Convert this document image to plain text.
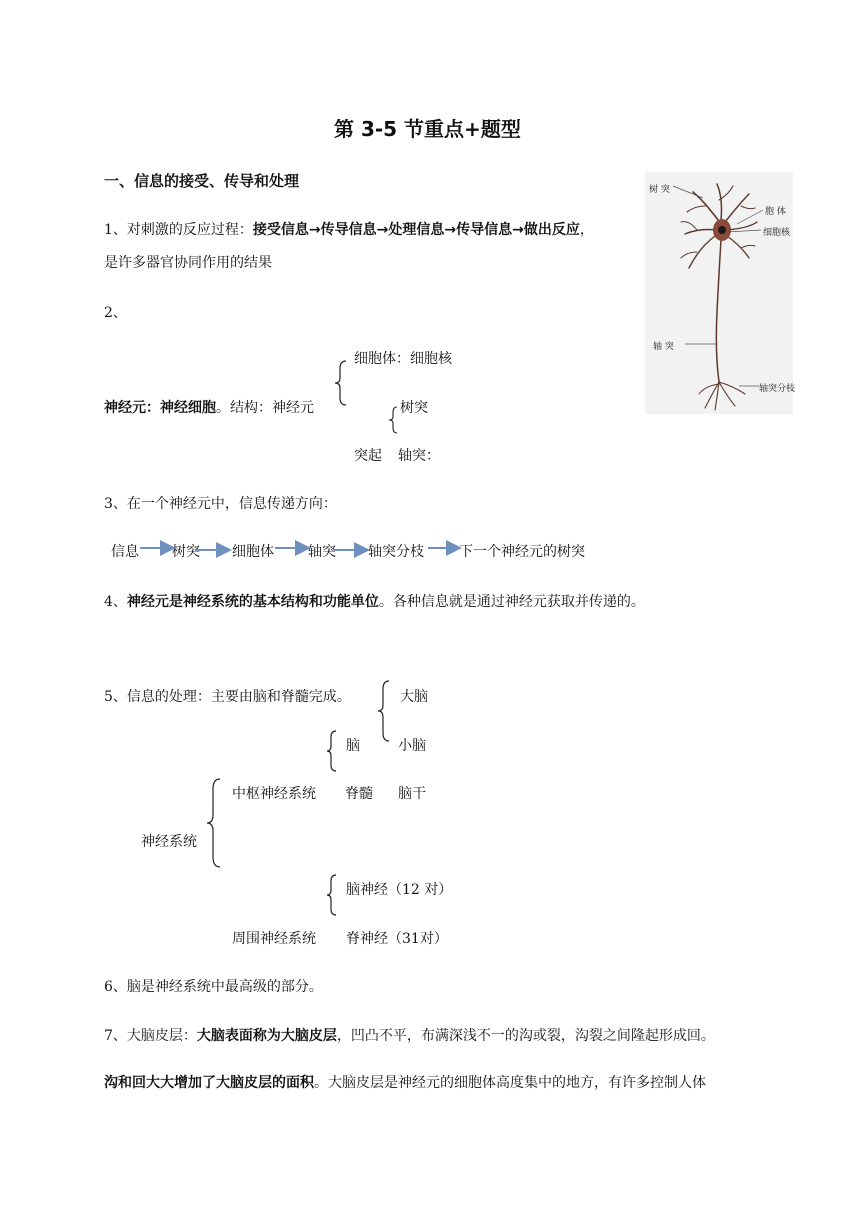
第 3-5 节重点+题型
一、信息的接受、传导和处理
1、对刺激的反应过程：接受信息→传导信息→处理信息→传导信息→做出反应，
是许多器官协同作用的结果
2、
细胞体：细胞核
神经元：神经细胞。结构：神经元	树突
突起 轴突：
3、在一个神经元中，信息传递方向：
信息 树突 细胞体 轴突 轴突分枝	下一个神经元的树突
4、神经元是神经系统的基本结构和功能单位。各种信息就是通过神经元获取并传递的。
5、信息的处理：主要由脑和脊髓完成。	大脑
脑	小脑
中枢神经系统 脊髓 脑干
神经系统
脑神经（12 对）
周围神经系统 脊神经（31对）
6、脑是神经系统中最高级的部分。
7、大脑皮层：大脑表面称为大脑皮层，凹凸不平，布满深浅不一的沟或裂，沟裂之间隆起形成回。
沟和回大大增加了大脑皮层的面积。大脑皮层是神经元的细胞体高度集中的地方，有许多控制人体
树 突
胞 体
细胞核
轴 突
轴突分枝
